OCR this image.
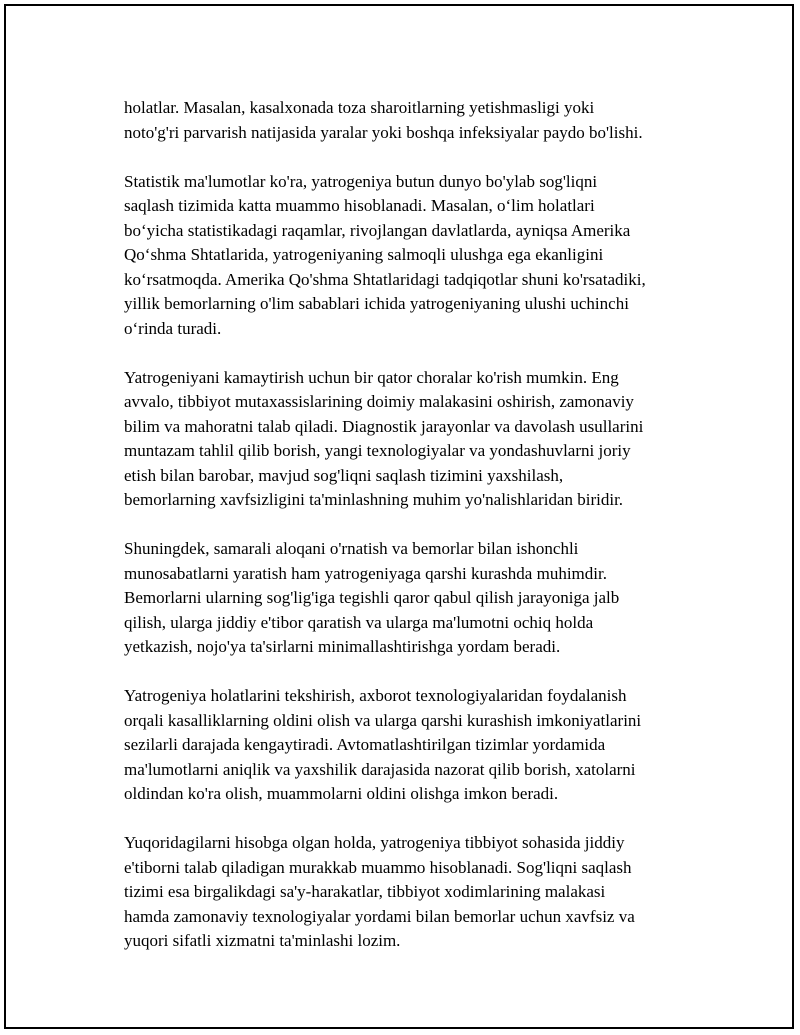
holatlar. Masalan, kasalxonada toza sharoitlarning yetishmasligi yoki
noto'g'ri parvarish natijasida yaralar yoki boshqa infeksiyalar paydo bo'lishi.

Statistik ma'lumotlar ko'ra, yatrogeniya butun dunyo bo'ylab sog'liqni
saqlash tizimida katta muammo hisoblanadi. Masalan, o‘lim holatlari
bo‘yicha statistikadagi raqamlar, rivojlangan davlatlarda, ayniqsa Amerika
Qo‘shma Shtatlarida, yatrogeniyaning salmoqli ulushga ega ekanligini
ko‘rsatmoqda. Amerika Qo'shma Shtatlaridagi tadqiqotlar shuni ko'rsatadiki,
yillik bemorlarning o'lim sabablari ichida yatrogeniyaning ulushi uchinchi
o‘rinda turadi.

Yatrogeniyani kamaytirish uchun bir qator choralar ko'rish mumkin. Eng
avvalo, tibbiyot mutaxassislarining doimiy malakasini oshirish, zamonaviy
bilim va mahoratni talab qiladi. Diagnostik jarayonlar va davolash usullarini
muntazam tahlil qilib borish, yangi texnologiyalar va yondashuvlarni joriy
etish bilan barobar, mavjud sog'liqni saqlash tizimini yaxshilash,
bemorlarning xavfsizligini ta'minlashning muhim yo'nalishlaridan biridir.

Shuningdek, samarali aloqani o'rnatish va bemorlar bilan ishonchli
munosabatlarni yaratish ham yatrogeniyaga qarshi kurashda muhimdir.
Bemorlarni ularning sog'lig'iga tegishli qaror qabul qilish jarayoniga jalb
qilish, ularga jiddiy e'tibor qaratish va ularga ma'lumotni ochiq holda
yetkazish, nojo'ya ta'sirlarni minimallashtirishga yordam beradi.

Yatrogeniya holatlarini tekshirish, axborot texnologiyalaridan foydalanish
orqali kasalliklarning oldini olish va ularga qarshi kurashish imkoniyatlarini
sezilarli darajada kengaytiradi. Avtomatlashtirilgan tizimlar yordamida
ma'lumotlarni aniqlik va yaxshilik darajasida nazorat qilib borish, xatolarni
oldindan ko'ra olish, muammolarni oldini olishga imkon beradi.

Yuqoridagilarni hisobga olgan holda, yatrogeniya tibbiyot sohasida jiddiy
e'tiborni talab qiladigan murakkab muammo hisoblanadi. Sog'liqni saqlash
tizimi esa birgalikdagi sa'y-harakatlar, tibbiyot xodimlarining malakasi
hamda zamonaviy texnologiyalar yordami bilan bemorlar uchun xavfsiz va
yuqori sifatli xizmatni ta'minlashi lozim.
